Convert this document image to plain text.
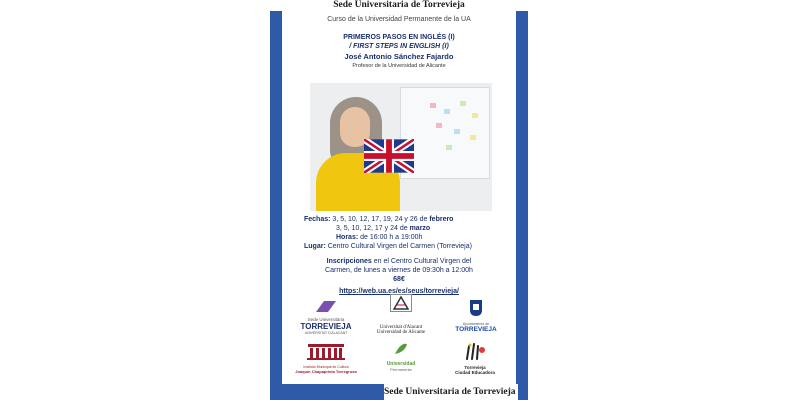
Sede Universitaria de Torrevieja
Curso de la Universidad Permanente de la UA
PRIMEROS PASOS EN INGLÉS (I)
/ FIRST STEPS IN ENGLISH (I)
José Antonio Sánchez Fajardo
Profesor de la Universidad de Alicante
Fechas: 3, 5, 10, 12, 17, 19, 24 y 26 de febrero
3, 5, 10, 12, 17 y 24 de marzo
Horas: de 16:00 h a 19:00h
Lugar: Centro Cultural Virgen del Carmen (Torrevieja)
Inscripciones en el Centro Cultural Virgen del
Carmen, de lunes a viernes de 09:30h a 12:00h
68€
https://web.ua.es/es/seus/torrevieja/
Sede Universitària
TORREVIEJA
UNIVERSITAT D'ALACANT
Universitat d'Alacant
Universidad de Alicante
Ayuntamiento de
TORREVIEJA
Instituto Municipal de Cultura
Joaquín Chapaprieta Torregrosa
Universidad
Permanente	Torrevieja
Ciudad Educadora
Sede Universitaria de Torrevieja
